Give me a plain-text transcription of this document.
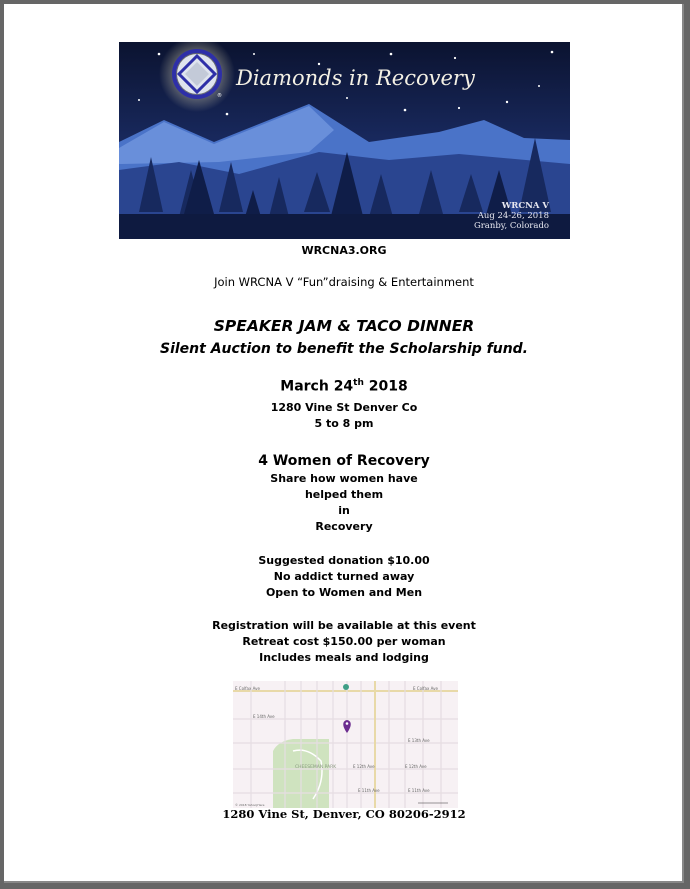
®
Diamonds in Recovery
WRCNA V
Aug 24-26, 2018
Granby, Colorado
WRCNA3.ORG
Join WRCNA V “Fun”draising & Entertainment
SPEAKER JAM & TACO DINNER
Silent Auction to benefit the Scholarship fund.
March 24th 2018
1280 Vine St Denver Co
5 to 8 pm
4 Women of Recovery
Share how women have
helped them
in
Recovery
Suggested donation $10.00
No addict turned away
Open to Women and Men
Registration will be available at this event
Retreat cost $150.00 per woman
Includes meals and lodging
E Colfax Ave	E Colfax Ave
E 14th Ave
E 13th Ave
E 12th Ave	E 12th Ave
E 11th Ave	E 11th Ave
CHEESEMAN PARK
© 2018 Yahoo|Here
1280 Vine St, Denver, CO 80206-2912
